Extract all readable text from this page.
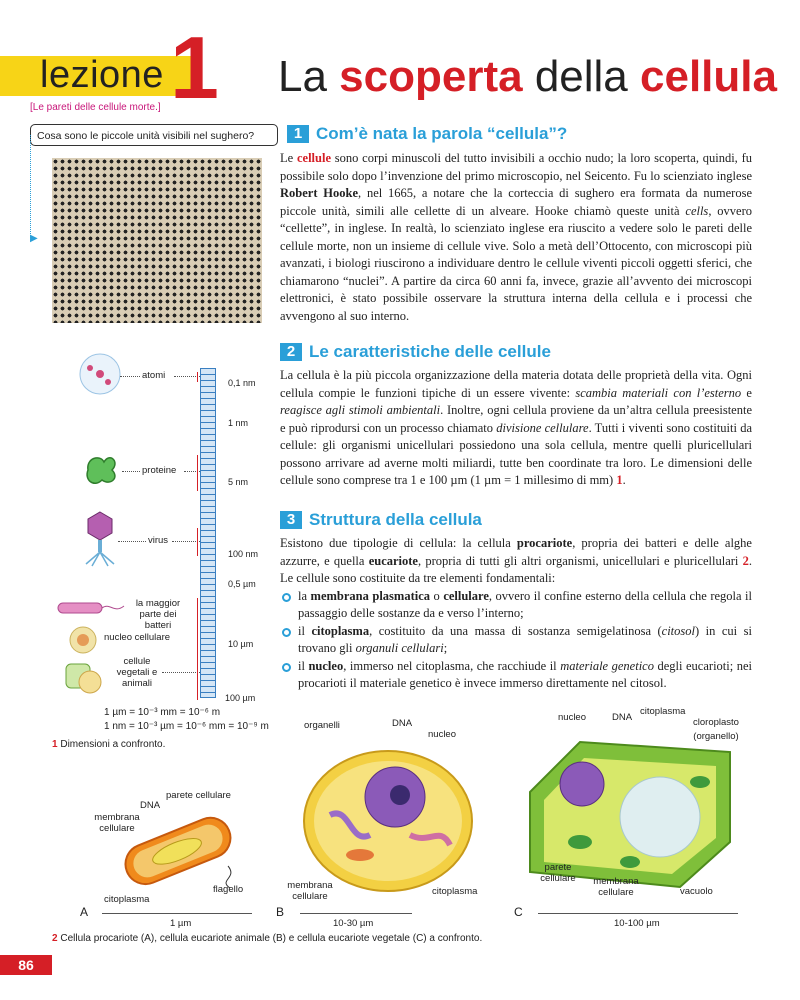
lezione 1 La scoperta della cellula
[Le pareti delle cellule morte.]
Cosa sono le piccole unità visibili nel sughero?
▶
1 Com’è nata la parola “cellula”?
Le cellule sono corpi minuscoli del tutto invisibili a occhio nudo; la loro scoperta, quindi, fu possibile solo dopo l’invenzione del primo microscopio, nel Seicento. Fu lo scienziato inglese Robert Hooke, nel 1665, a notare che la corteccia di sughero era formata da numerose piccole unità, simili alle cellette di un alveare. Hooke chiamò queste unità cells, ovvero “cellette”, in inglese. In realtà, lo scienziato inglese era riuscito a vedere solo le pareti delle cellule morte, non un insieme di cellule vive. Solo a metà dell’Ottocento, con microscopi più avanzati, i biologi riuscirono a individuare dentro le cellule viventi piccoli oggetti sferici, che chiamarono “nuclei”. A partire da circa 60 anni fa, invece, grazie all’avvento dei microscopi elettronici, è stato possibile osservare la struttura interna della cellula e i processi che avvengono al suo interno.
2 Le caratteristiche delle cellule
La cellula è la più piccola organizzazione della materia dotata delle proprietà della vita. Ogni cellula compie le funzioni tipiche di un essere vivente: scambia materiali con l’esterno e reagisce agli stimoli ambientali. Inoltre, ogni cellula proviene da un’altra cellula preesistente e può riprodursi con un processo chiamato divisione cellulare. Tutti i viventi sono costituiti da cellule: gli organismi unicellulari possiedono una sola cellula, mentre quelli pluricellulari possono arrivare ad averne molti miliardi, tutte ben coordinate tra loro. Le dimensioni delle cellule sono comprese tra 1 e 100 µm (1 µm = 1 millesimo di mm) 1.
3 Struttura della cellula
Esistono due tipologie di cellula: la cellula procariote, propria dei batteri e delle alghe azzurre, e quella eucariote, propria di tutti gli altri organismi, unicellulari e pluricellulari 2. Le cellule sono costituite da tre elementi fondamentali:
la membrana plasmatica o cellulare, ovvero il confine esterno della cellula che regola il passaggio delle sostanze da e verso l’interno;
il citoplasma, costituito da una massa di sostanza semigelatinosa (citosol) in cui si trovano gli organuli cellulari;
il nucleo, immerso nel citoplasma, che racchiude il materiale genetico degli eucarioti; nei procarioti il materiale genetico è invece immerso direttamente nel citosol.
0,1 nm
1 nm
5 nm
100 nm
0,5 µm
10 µm
100 µm
atomi
proteine
virus
la maggior parte dei batteri
nucleo cellulare
cellule vegetali e animali
1 µm = 10⁻³ mm = 10⁻⁶ m
1 nm = 10⁻³ µm = 10⁻⁶ mm = 10⁻⁹ m
1 Dimensioni a confronto.
DNA
parete cellulare
membrana cellulare
flagello
citoplasma
A
1 µm
organelli	DNA
nucleo
membrana cellulare	citoplasma
B
10-30 µm
nucleo	DNA
citoplasma
cloroplasto (organello)
parete cellulare	membrana cellulare	vacuolo
C
10-100 µm
2 Cellula procariote (A), cellula eucariote animale (B) e cellula eucariote vegetale (C) a confronto.
86
